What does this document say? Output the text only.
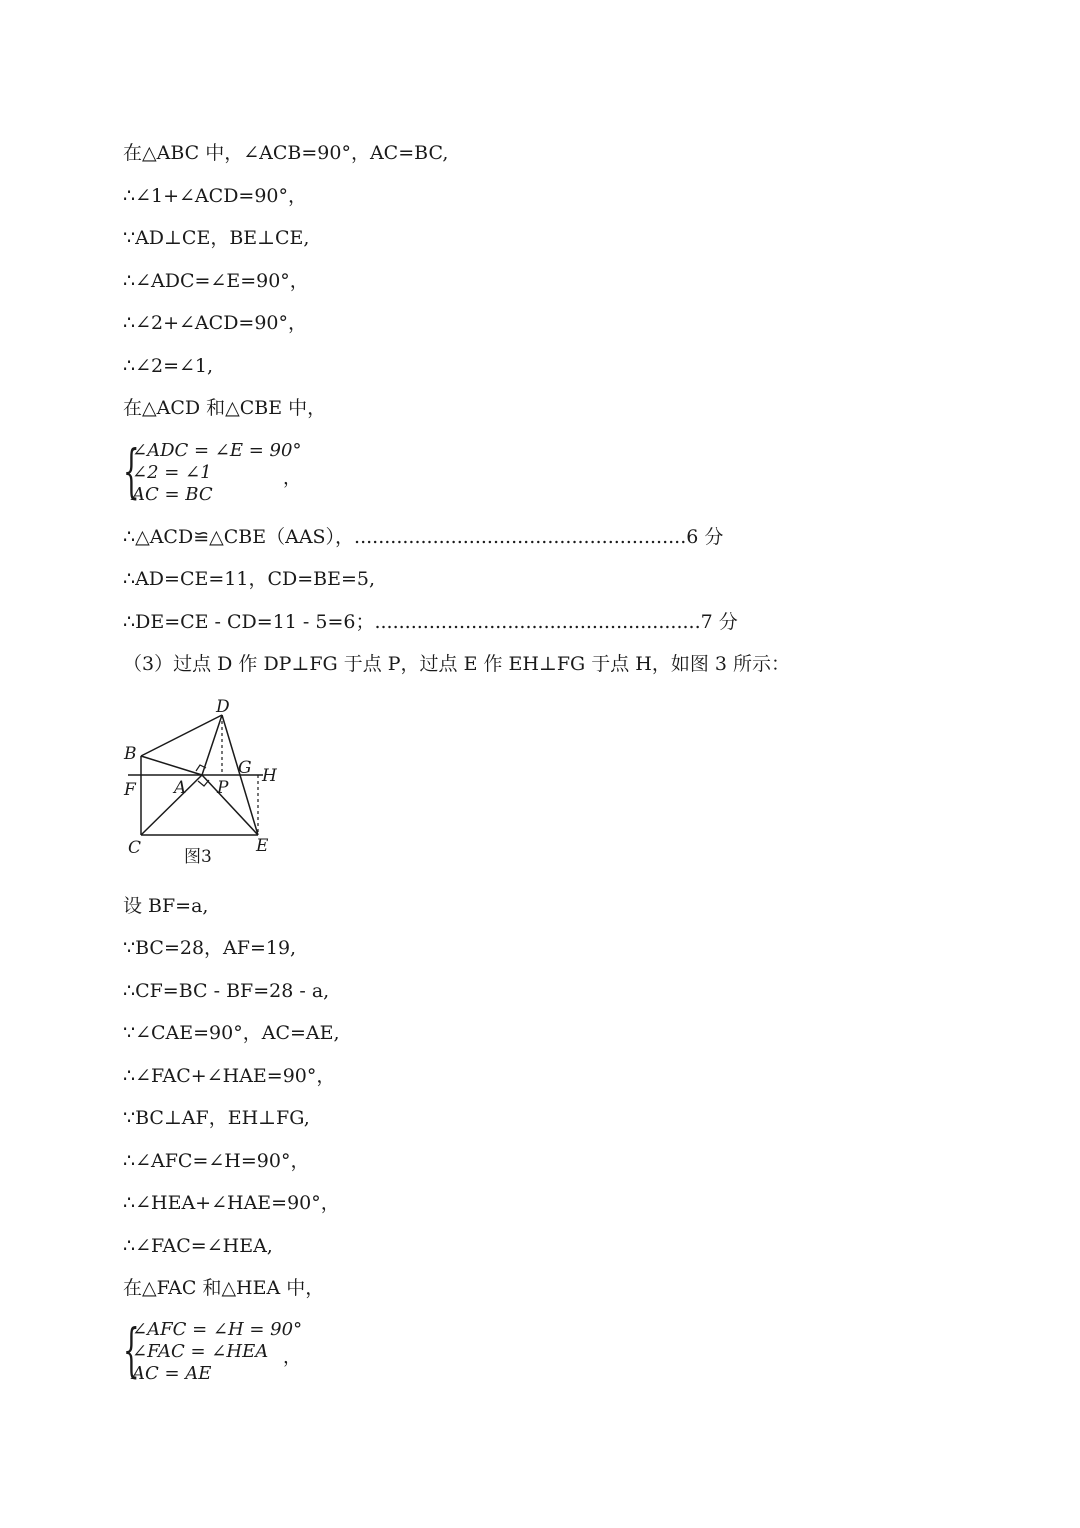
在△ABC 中，∠ACB=90°，AC=BC,
∴∠1+∠ACD=90°，
∵AD⊥CE，BE⊥CE,
∴∠ADC=∠E=90°，
∴∠2+∠ACD=90°，
∴∠2=∠1,
在△ACD 和△CBE 中，
{
∠ADC = ∠E = 90°
∠2 = ∠1
AC = BC
，
∴△ACD≌△CBE（AAS），.......................................................6 分
∴AD=CE=11，CD=BE=5,
∴DE=CE - CD=11 - 5=6；......................................................7 分
（3）过点 D 作 DP⊥FG 于点 P，过点 E 作 EH⊥FG 于点 H，如图 3 所示：
D
B
F A P
G H
C	E
图3
设 BF=a,
∵BC=28，AF=19,
∴CF=BC - BF=28 - a,
∵∠CAE=90°，AC=AE,
∴∠FAC+∠HAE=90°，
∵BC⊥AF，EH⊥FG,
∴∠AFC=∠H=90°，
∴∠HEA+∠HAE=90°，
∴∠FAC=∠HEA,
在△FAC 和△HEA 中，
{
∠AFC = ∠H = 90°
∠FAC = ∠HEA
AC = AE
，
